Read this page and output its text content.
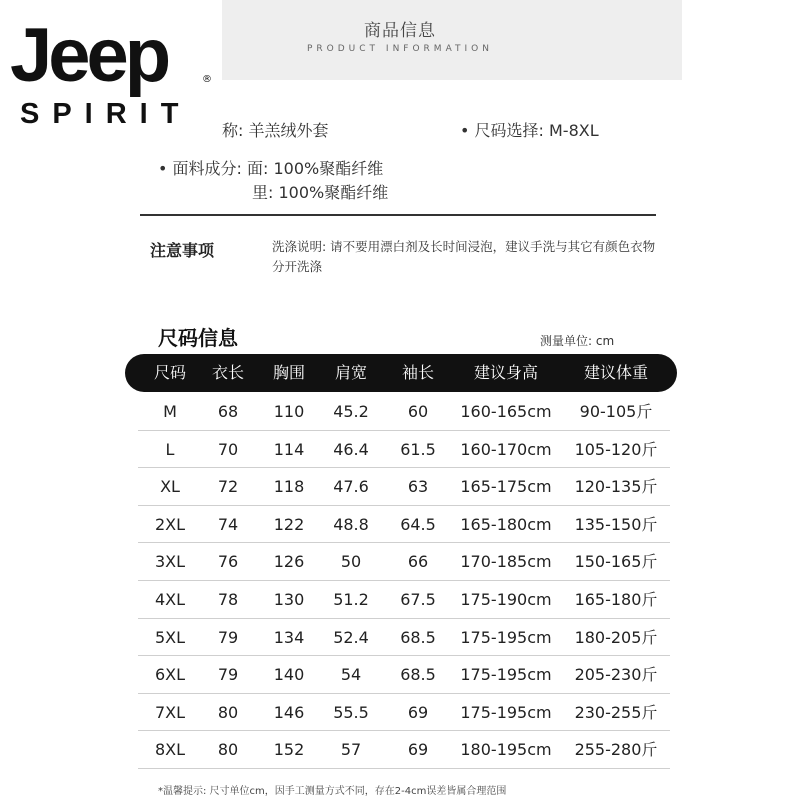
商品信息
PRODUCT INFORMATION
Jeep	®
SPIRIT
称: 羊羔绒外套	• 尺码选择: M-8XL
• 面料成分: 面: 100%聚酯纤维
里: 100%聚酯纤维
注意事项	洗涤说明: 请不要用漂白剂及长时间浸泡，建议手洗与其它有颜色衣物分开洗涤
尺码信息	测量单位: cm
尺码	衣长	胸围	肩宽	袖长	建议身高	建议体重
M	68	110	45.2	60	160-165cm	90-105斤
L	70	114	46.4	61.5	160-170cm	105-120斤
XL	72	118	47.6	63	165-175cm	120-135斤
2XL	74	122	48.8	64.5	165-180cm	135-150斤
3XL	76	126	50	66	170-185cm	150-165斤
4XL	78	130	51.2	67.5	175-190cm	165-180斤
5XL	79	134	52.4	68.5	175-195cm	180-205斤
6XL	79	140	54	68.5	175-195cm	205-230斤
7XL	80	146	55.5	69	175-195cm	230-255斤
8XL	80	152	57	69	180-195cm	255-280斤
*温馨提示: 尺寸单位cm，因手工测量方式不同，存在2-4cm误差皆属合理范围
